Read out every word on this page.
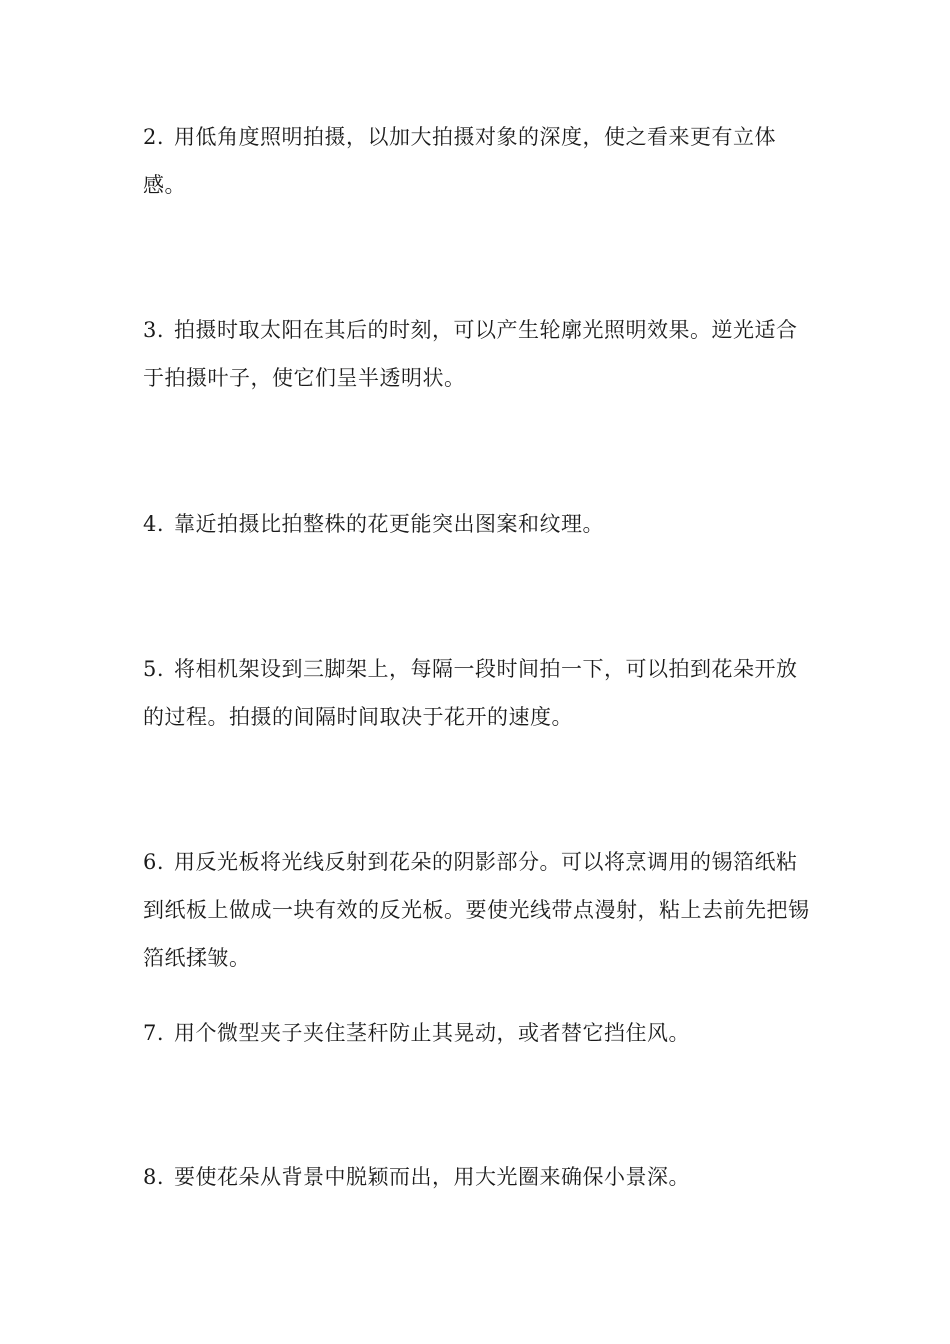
2. 用低角度照明拍摄，以加大拍摄对象的深度，使之看来更有立体感。

3. 拍摄时取太阳在其后的时刻，可以产生轮廓光照明效果。逆光适合于拍摄叶子，使它们呈半透明状。

4. 靠近拍摄比拍整株的花更能突出图案和纹理。

5. 将相机架设到三脚架上，每隔一段时间拍一下，可以拍到花朵开放的过程。拍摄的间隔时间取决于花开的速度。

6. 用反光板将光线反射到花朵的阴影部分。可以将烹调用的锡箔纸粘到纸板上做成一块有效的反光板。要使光线带点漫射，粘上去前先把锡箔纸揉皱。

7. 用个微型夹子夹住茎秆防止其晃动，或者替它挡住风。

8. 要使花朵从背景中脱颖而出，用大光圈来确保小景深。
